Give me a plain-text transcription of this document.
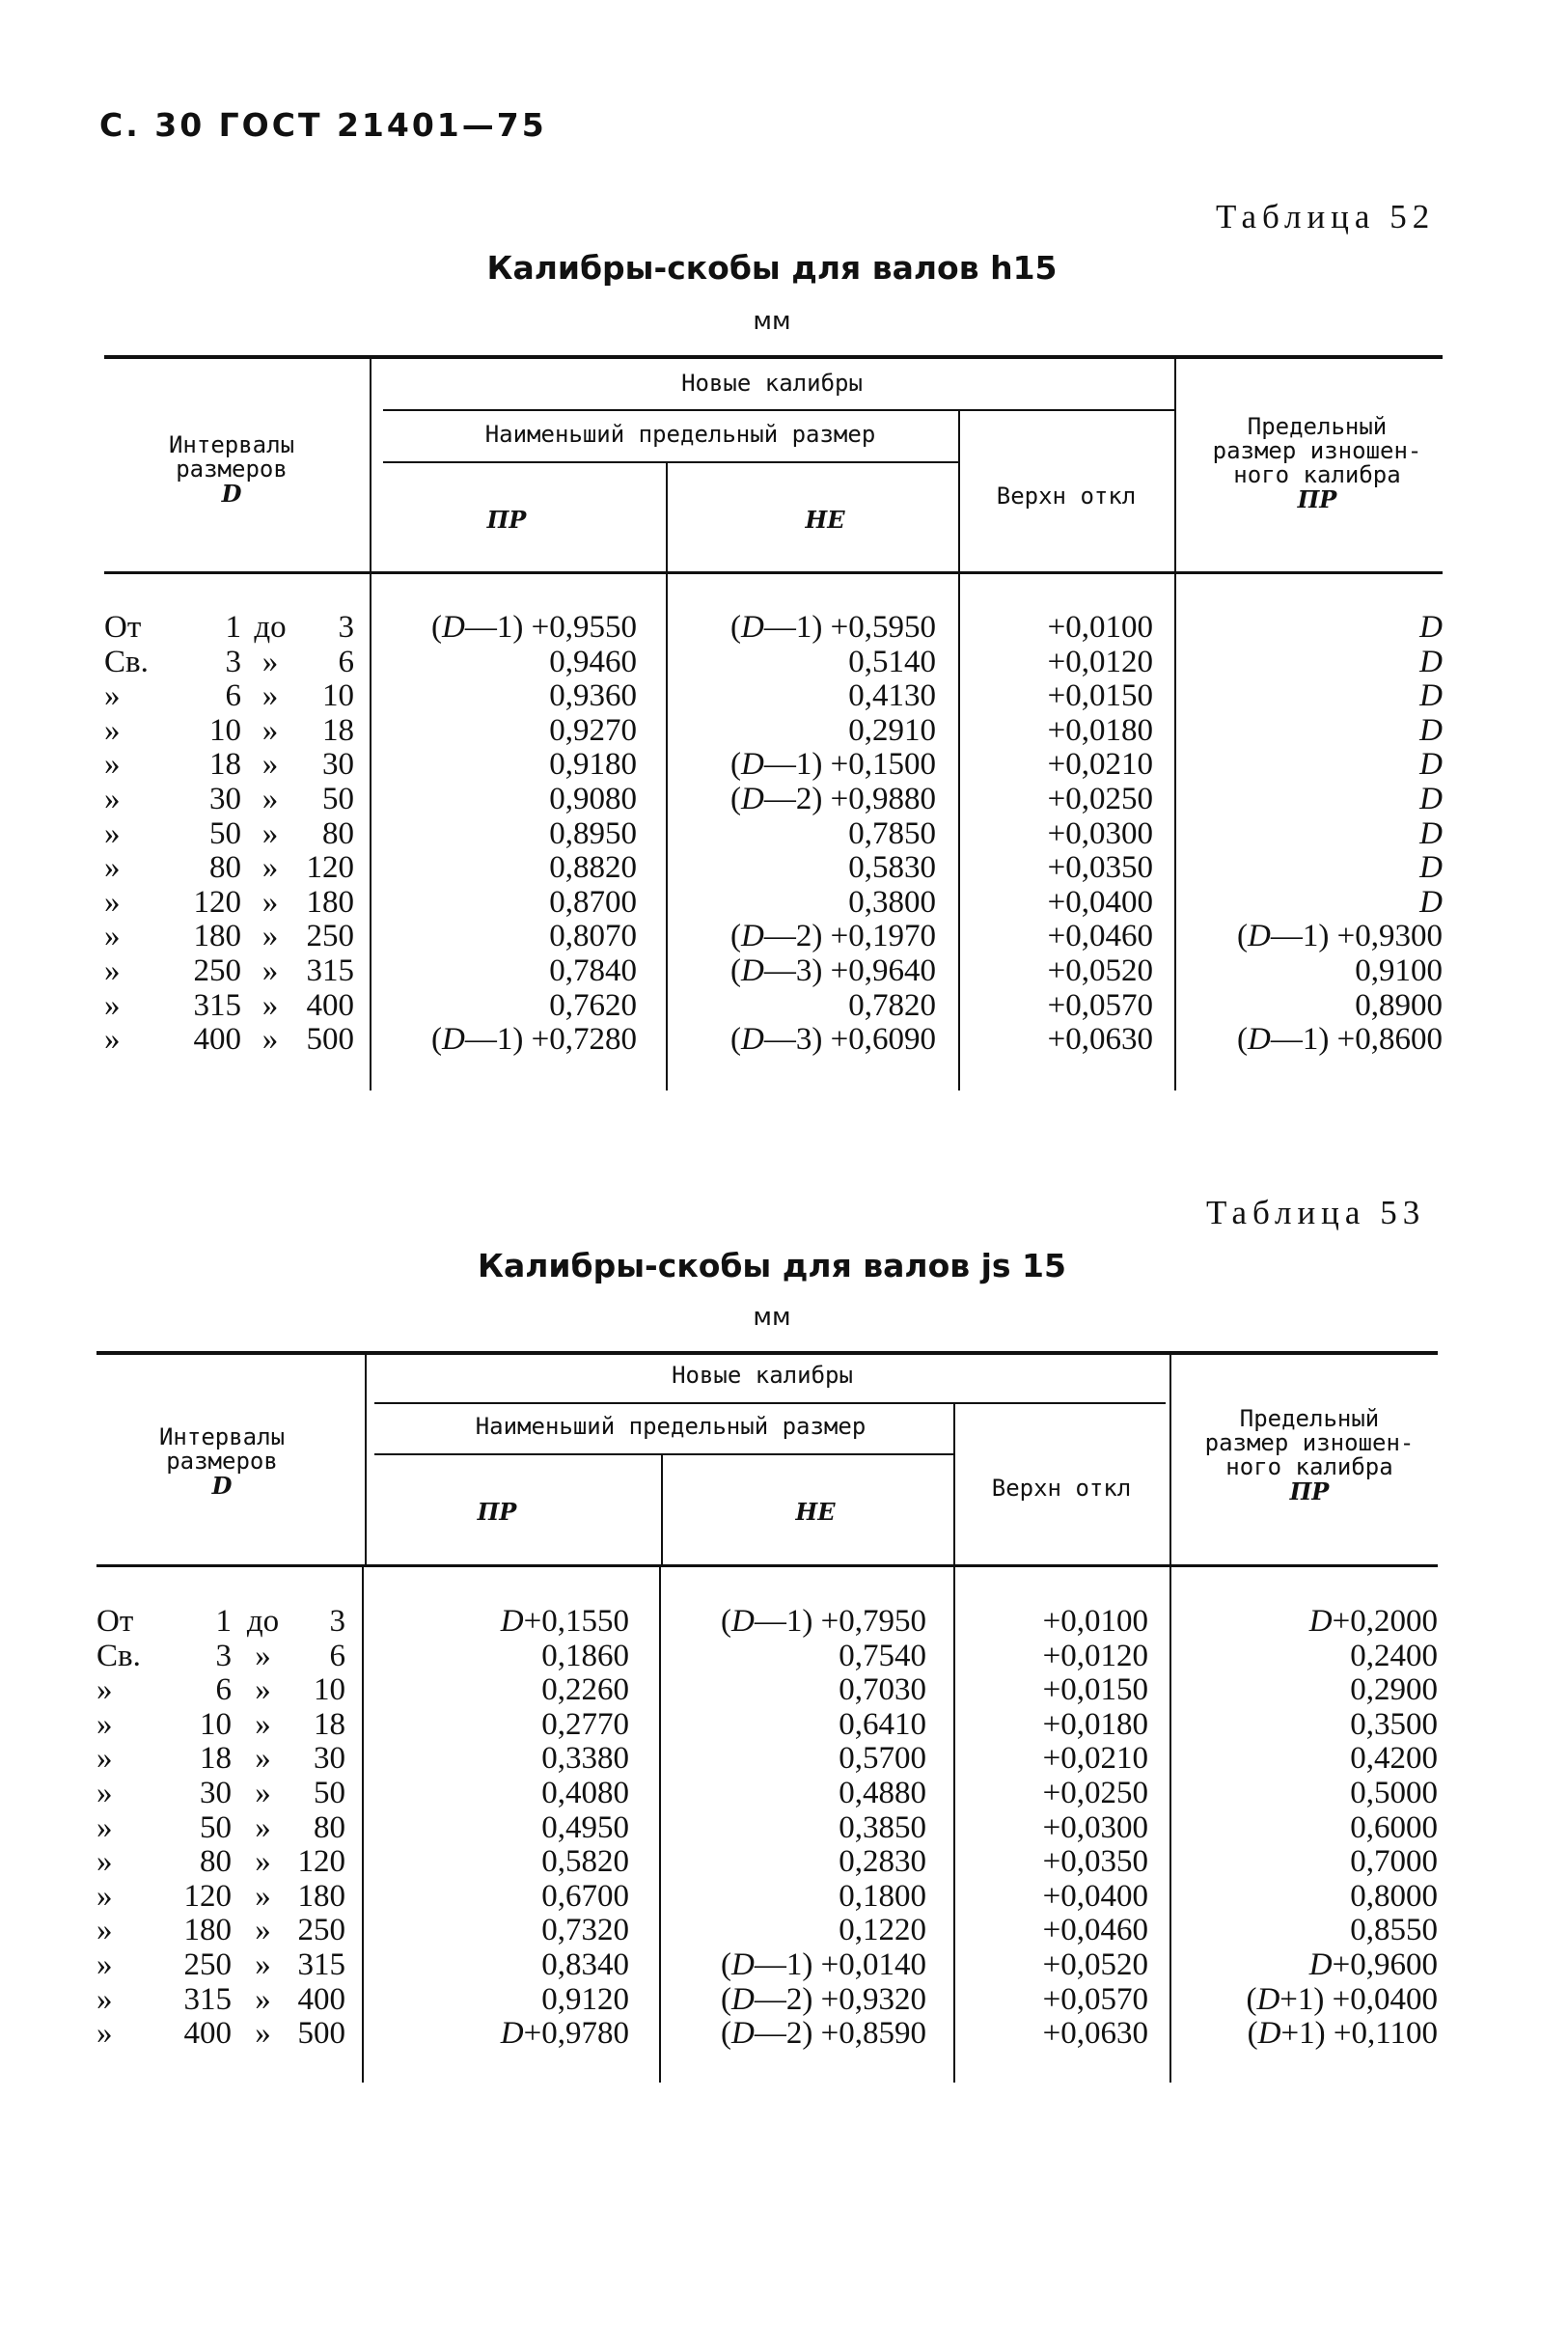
С. 30 ГОСТ 21401—75
Таблица 52
Калибры-скобы для валов h15
мм
Интервалы
размеров
D
Новые калибры
Наименьший предельный размер
ПР	НЕ
Верхн откл
Предельный
размер изношен-
ного калибра
ПР
От	1 до	3	(D—1) +0,9550	(D—1) +0,5950	+0,0100	D
Св.	3 »	6	0,9460	0,5140	+0,0120	D
»	6 »	10	0,9360	0,4130	+0,0150	D
»	10 »	18	0,9270	0,2910	+0,0180	D
»	18 »	30	0,9180	(D—1) +0,1500	+0,0210	D
»	30 »	50	0,9080	(D—2) +0,9880	+0,0250	D
»	50 »	80	0,8950	0,7850	+0,0300	D
»	80 » 120	0,8820	0,5830	+0,0350	D
»	120 » 180	0,8700	0,3800	+0,0400	D
»	180 » 250	0,8070	(D—2) +0,1970	+0,0460	(D—1) +0,9300
»	250 » 315	0,7840	(D—3) +0,9640	+0,0520	0,9100
»	315 » 400	0,7620	0,7820	+0,0570	0,8900
»	400 » 500	(D—1) +0,7280	(D—3) +0,6090	+0,0630	(D—1) +0,8600
Таблица 53
Калибры-скобы для валов js 15
мм
Интервалы
размеров
D
Новые калибры
Наименьший предельный размер
ПР	НЕ
Верхн откл
Предельный
размер изношен-
ного калибра
ПР
От	1 до	3	D+0,1550	(D—1) +0,7950	+0,0100	D+0,2000
Св.	3 »	6	0,1860	0,7540	+0,0120	0,2400
»	6 »	10	0,2260	0,7030	+0,0150	0,2900
»	10 »	18	0,2770	0,6410	+0,0180	0,3500
»	18 »	30	0,3380	0,5700	+0,0210	0,4200
»	30 »	50	0,4080	0,4880	+0,0250	0,5000
»	50 »	80	0,4950	0,3850	+0,0300	0,6000
»	80 » 120	0,5820	0,2830	+0,0350	0,7000
»	120 » 180	0,6700	0,1800	+0,0400	0,8000
»	180 » 250	0,7320	0,1220	+0,0460	0,8550
»	250 » 315	0,8340	(D—1) +0,0140	+0,0520	D+0,9600
»	315 » 400	0,9120	(D—2) +0,9320	+0,0570	(D+1) +0,0400
»	400 » 500	D+0,9780	(D—2) +0,8590	+0,0630	(D+1) +0,1100
